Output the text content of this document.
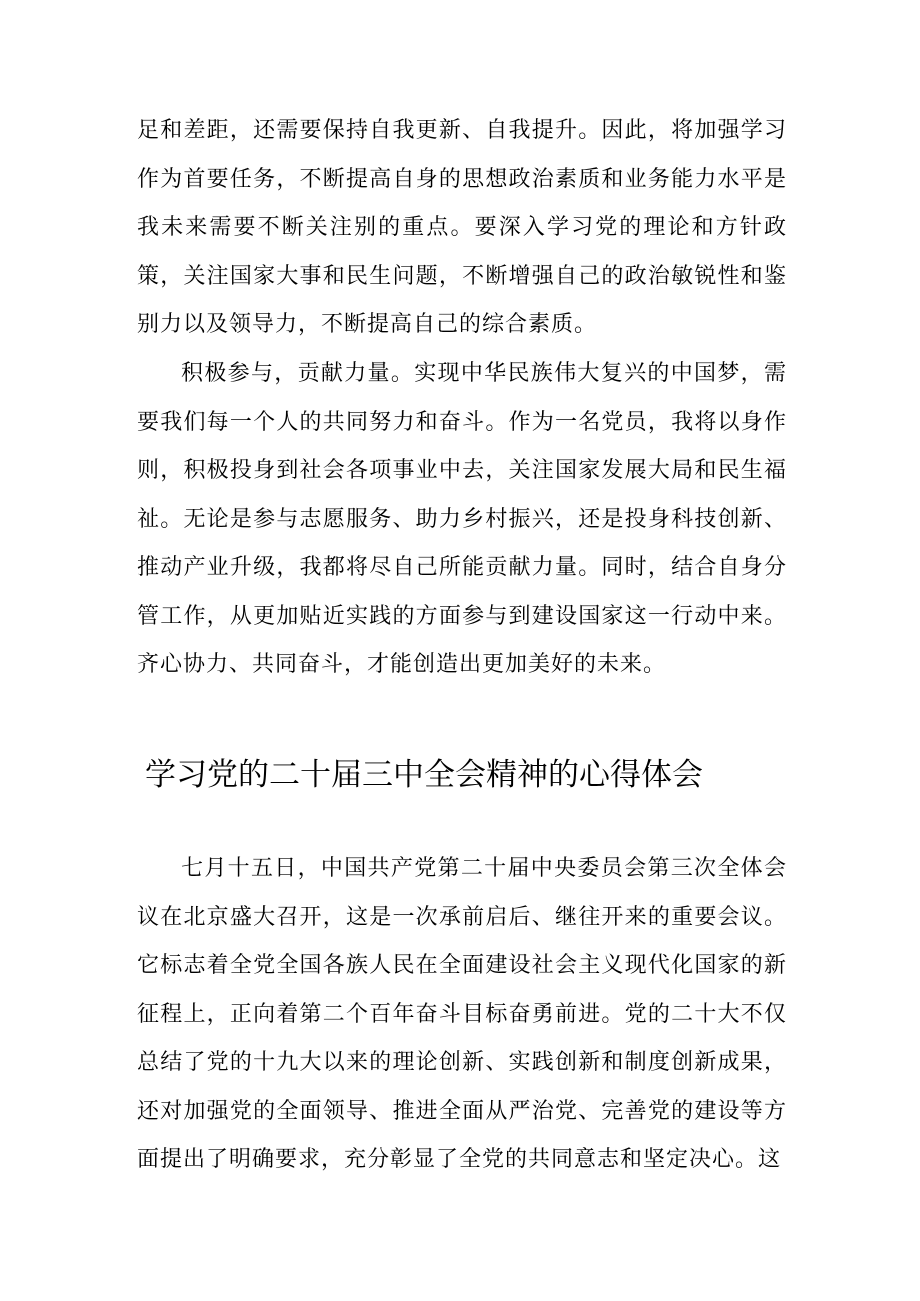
足和差距，还需要保持自我更新、自我提升。因此，将加强学习作为首要任务，不断提高自身的思想政治素质和业务能力水平是我未来需要不断关注别的重点。要深入学习党的理论和方针政策，关注国家大事和民生问题，不断增强自己的政治敏锐性和鉴别力以及领导力，不断提高自己的综合素质。

积极参与，贡献力量。实现中华民族伟大复兴的中国梦，需要我们每一个人的共同努力和奋斗。作为一名党员，我将以身作则，积极投身到社会各项事业中去，关注国家发展大局和民生福祉。无论是参与志愿服务、助力乡村振兴，还是投身科技创新、推动产业升级，我都将尽自己所能贡献力量。同时，结合自身分管工作，从更加贴近实践的方面参与到建设国家这一行动中来。齐心协力、共同奋斗，才能创造出更加美好的未来。

学习党的二十届三中全会精神的心得体会

七月十五日，中国共产党第二十届中央委员会第三次全体会议在北京盛大召开，这是一次承前启后、继往开来的重要会议。它标志着全党全国各族人民在全面建设社会主义现代化国家的新征程上，正向着第二个百年奋斗目标奋勇前进。党的二十大不仅总结了党的十九大以来的理论创新、实践创新和制度创新成果，还对加强党的全面领导、推进全面从严治党、完善党的建设等方面提出了明确要求，充分彰显了全党的共同意志和坚定决心。这
